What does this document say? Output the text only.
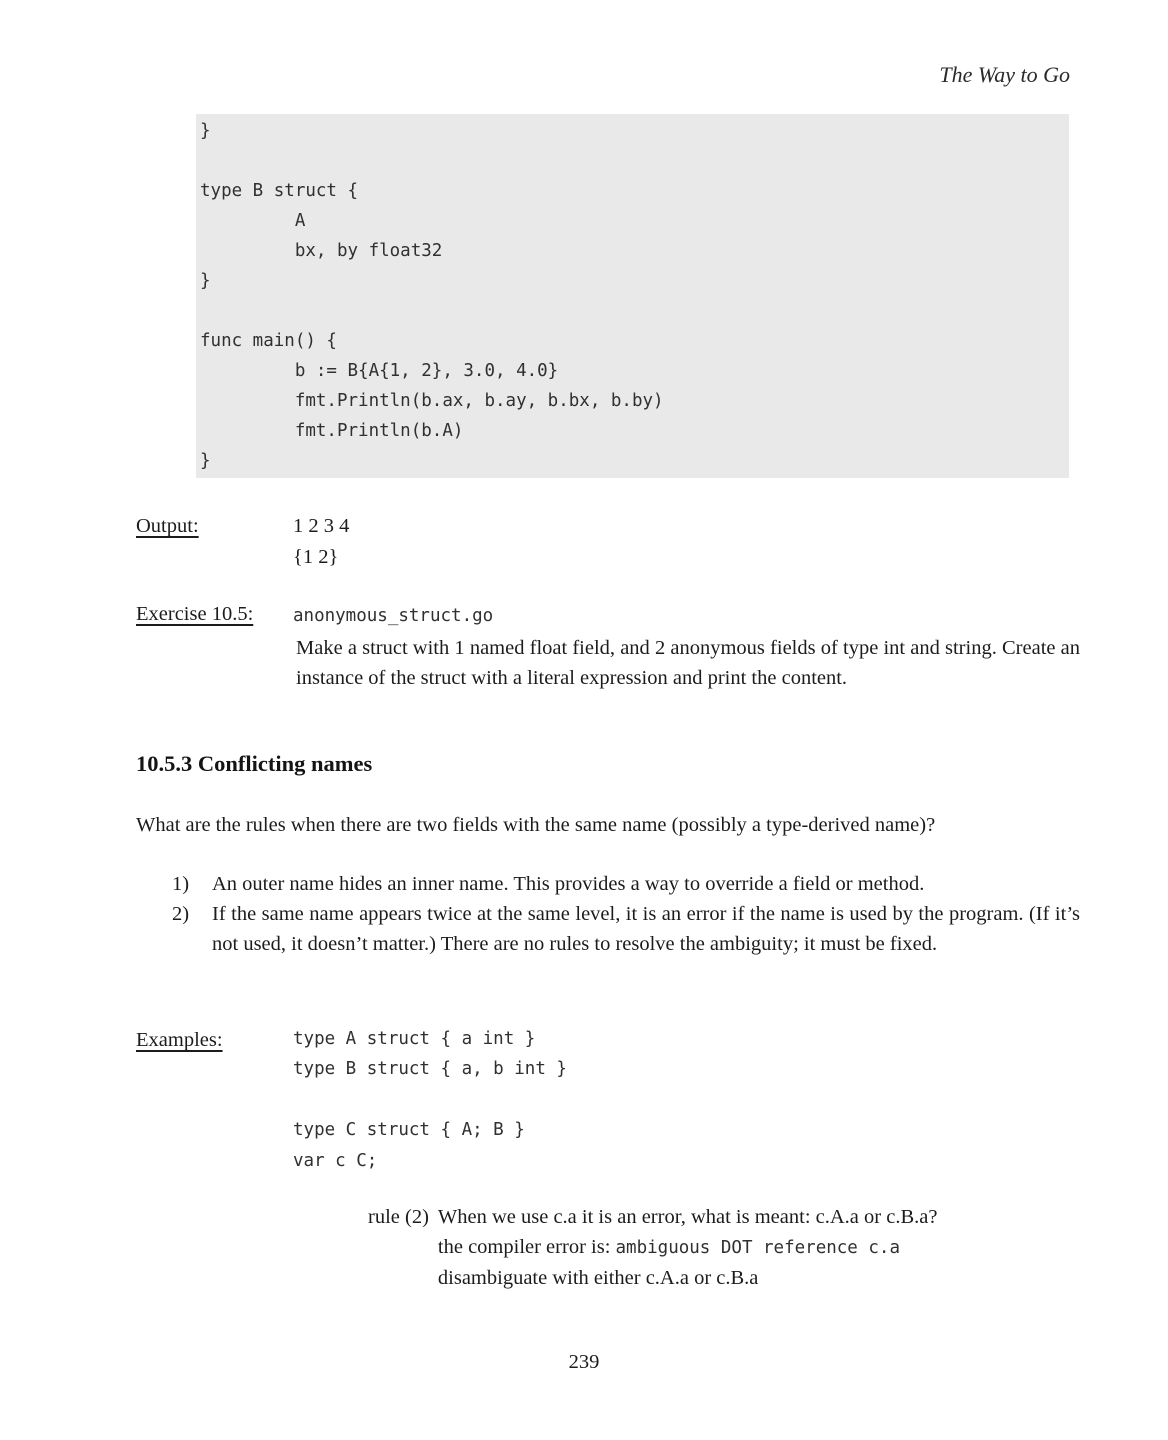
The Way to Go
}
type B struct {
A
bx, by float32
}
func main() {
b := B{A{1, 2}, 3.0, 4.0}
fmt.Println(b.ax, b.ay, b.bx, b.by)
fmt.Println(b.A)
}
Output:	1 2 3 4
{1 2}
Exercise 10.5: anonymous_struct.go
Make a struct with 1 named float field, and 2 anonymous fields of type int and string. Create an instance of the struct with a literal expression and print the content.
10.5.3 Conflicting names
What are the rules when there are two fields with the same name (possibly a type-derived name)?
1)	An outer name hides an inner name. This provides a way to override a field or method.
2)	If the same name appears twice at the same level, it is an error if the name is used by the program. (If it’s not used, it doesn’t matter.) There are no rules to resolve the ambiguity; it must be fixed.
Examples:	type A struct { a int }
type B struct { a, b int }
type C struct { A; B }
var c C;
rule (2) When we use c.a it is an error, what is meant: c.A.a or c.B.a?
the compiler error is: ambiguous DOT reference c.a
disambiguate with either c.A.a or c.B.a
239
